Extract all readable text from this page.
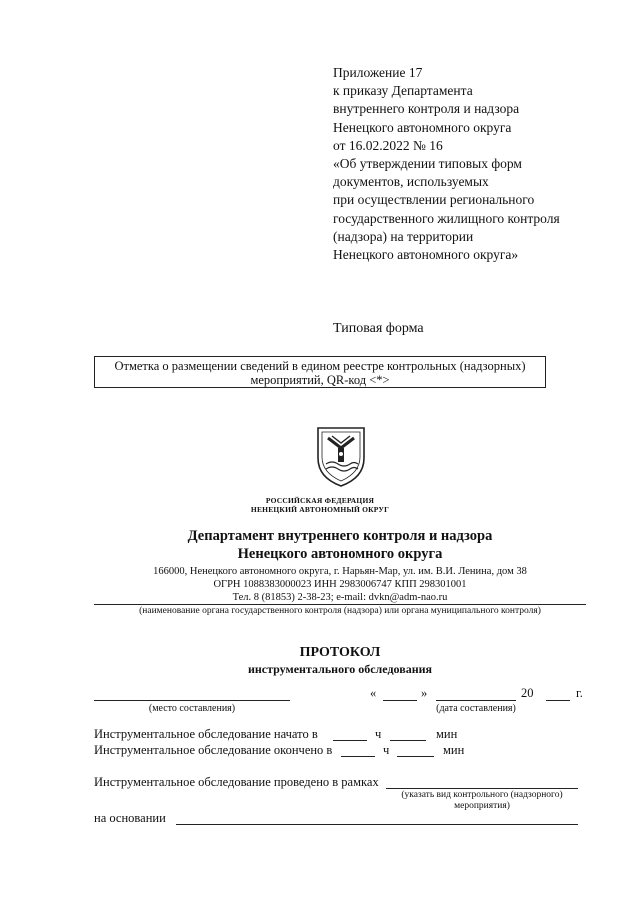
Приложение 17
к приказу Департамента
внутреннего контроля и надзора
Ненецкого автономного округа
от 16.02.2022 № 16
«Об утверждении типовых форм
документов, используемых
при осуществлении регионального
государственного жилищного контроля
(надзора) на территории
Ненецкого автономного округа»
Типовая форма
Отметка о размещении сведений в едином реестре контрольных (надзорных)
мероприятий, QR-код <*>
РОССИЙСКАЯ ФЕДЕРАЦИЯ
НЕНЕЦКИЙ АВТОНОМНЫЙ ОКРУГ
Департамент внутреннего контроля и надзора
Ненецкого автономного округа
166000, Ненецкого автономного округа, г. Нарьян-Мар, ул. им. В.И. Ленина, дом 38
ОГРН 1088383000023 ИНН 2983006747 КПП 298301001
Тел. 8 (81853) 2-38-23; e-mail: dvkn@adm-nao.ru
(наименование органа государственного контроля (надзора) или органа муниципального контроля)
ПРОТОКОЛ
инструментального обследования
(место составления)
«	»	20	г.
(дата составления)
Инструментальное обследование начато в	ч	мин
Инструментальное обследование окончено в	ч	мин
Инструментальное обследование проведено в рамках
(указать вид контрольного (надзорного)
мероприятия)
на основании
